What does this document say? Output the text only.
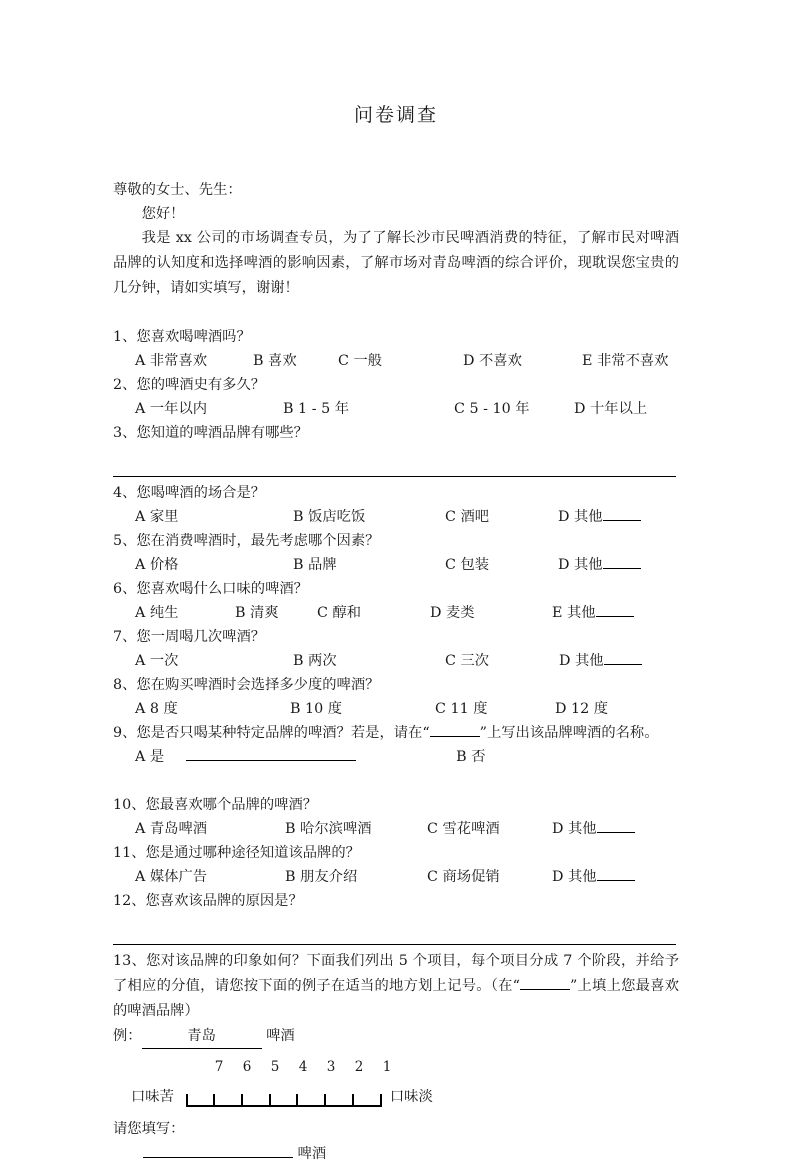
问卷调查

尊敬的女士、先生：

您好！

我是 xx 公司的市场调查专员，为了了解长沙市民啤酒消费的特征，了解市民对啤酒品牌的认知度和选择啤酒的影响因素，了解市场对青岛啤酒的综合评价，现耽误您宝贵的几分钟，请如实填写，谢谢！

1、您喜欢喝啤酒吗？
A 非常喜欢	B 喜欢	C 一般	D 不喜欢	E 非常不喜欢
2、您的啤酒史有多久？
A 一年以内	B 1 - 5 年	C 5 - 10 年	D 十年以上
3、您知道的啤酒品牌有哪些？
4、您喝啤酒的场合是？
A 家里	B 饭店吃饭	C 酒吧	D 其他
5、您在消费啤酒时，最先考虑哪个因素？
A 价格	B 品牌	C 包装	D 其他
6、您喜欢喝什么口味的啤酒？
A 纯生	B 清爽	C 醇和	D 麦类	E 其他
7、您一周喝几次啤酒？
A 一次	B 两次	C 三次	D 其他
8、您在购买啤酒时会选择多少度的啤酒？
A 8 度	B 10 度	C 11 度	D 12 度
9、您是否只喝某种特定品牌的啤酒？若是，请在“	”上写出该品牌啤酒的名称。
A 是	B 否
10、您最喜欢哪个品牌的啤酒？
A 青岛啤酒	B 哈尔滨啤酒	C 雪花啤酒	D 其他
11、您是通过哪种途径知道该品牌的？
A 媒体广告	B 朋友介绍	C 商场促销	D 其他
12、您喜欢该品牌的原因是？

13、您对该品牌的印象如何？下面我们列出 5 个项目，每个项目分成 7 个阶段，并给予了相应的分值，请您按下面的例子在适当的地方划上记号。（在“	”上填上您最喜欢的啤酒品牌）

例：	青岛	啤酒
7	6	5	4	3	2	1
口味苦	口味淡
请您填写：
啤酒
